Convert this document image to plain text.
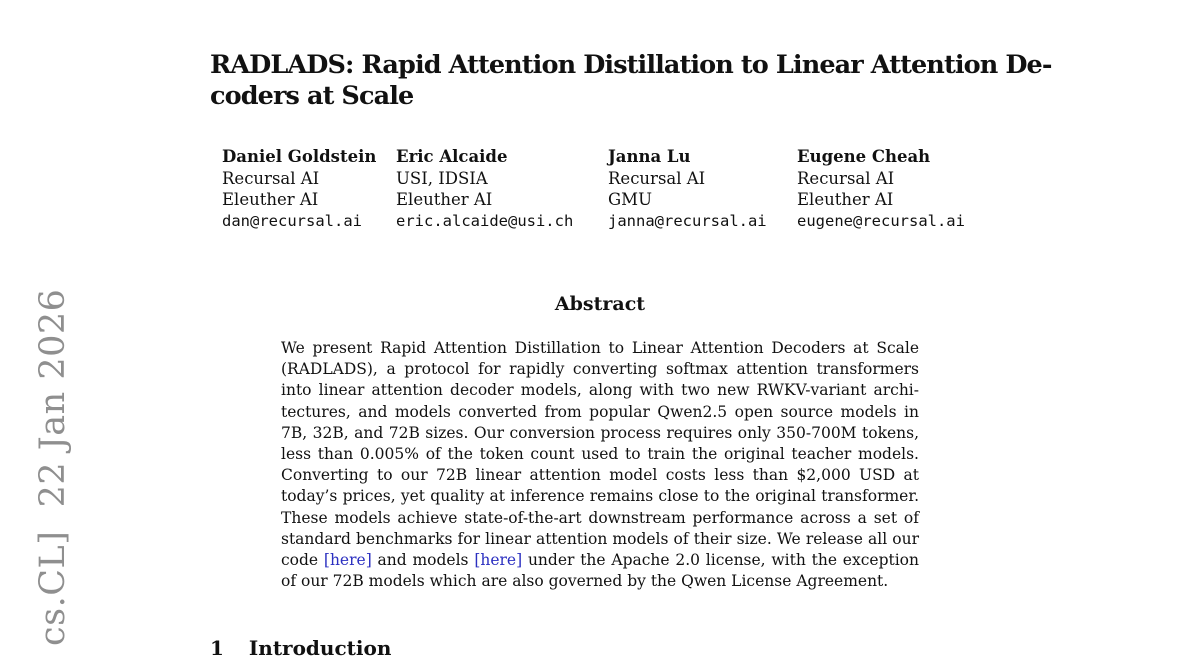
cs.CL]  22 Jan 2026
RADLADS: Rapid Attention Distillation to Linear Attention De-
coders at Scale
Daniel Goldstein
Recursal AI
Eleuther AI
dan@recursal.ai
Eric Alcaide
USI, IDSIA
Eleuther AI
eric.alcaide@usi.ch
Janna Lu
Recursal AI
GMU
janna@recursal.ai
Eugene Cheah
Recursal AI
Eleuther AI
eugene@recursal.ai
Abstract
We present Rapid Attention Distillation to Linear Attention Decoders at Scale
(RADLADS), a protocol for rapidly converting softmax attention transformers
into linear attention decoder models, along with two new RWKV-variant archi-
tectures, and models converted from popular Qwen2.5 open source models in
7B, 32B, and 72B sizes. Our conversion process requires only 350-700M tokens,
less than 0.005% of the token count used to train the original teacher models.
Converting to our 72B linear attention model costs less than $2,000 USD at
today’s prices, yet quality at inference remains close to the original transformer.
These models achieve state-of-the-art downstream performance across a set of
standard benchmarks for linear attention models of their size. We release all our
code [here] and models [here] under the Apache 2.0 license, with the exception
of our 72B models which are also governed by the Qwen License Agreement.
1 Introduction
